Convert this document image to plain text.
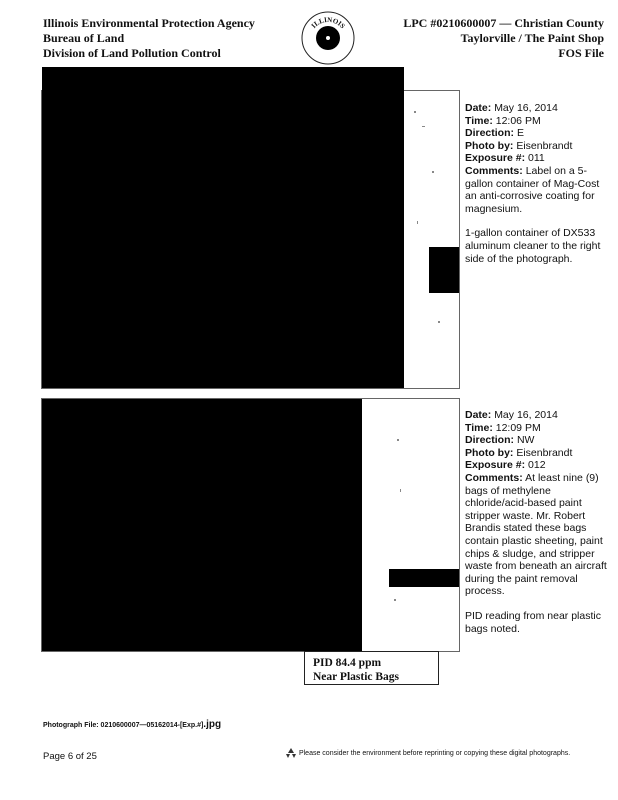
Illinois Environmental Protection Agency
Bureau of Land
Division of Land Pollution Control
ILLINOIS	LPC #0210600007 — Christian County
Taylorville / The Paint Shop
FOS File
Date: May 16, 2014
Time: 12:06 PM
Direction: E
Photo by: Eisenbrandt
Exposure #: 011
Comments: Label on a 5-gallon container of Mag-Cost an anti-corrosive coating for magnesium.
1-gallon container of DX533 aluminum cleaner to the right side of the photograph.
PID 84.4 ppm
Near Plastic Bags
Date: May 16, 2014
Time: 12:09 PM
Direction: NW
Photo by: Eisenbrandt
Exposure #: 012
Comments: At least nine (9) bags of methylene chloride/acid-based paint stripper waste. Mr. Robert Brandis stated these bags contain plastic sheeting, paint chips & sludge, and stripper waste from beneath an aircraft during the paint removal process.
PID reading from near plastic bags noted.
Photograph File: 0210600007—05162014-[Exp.#].jpg
Page 6 of 25	Please consider the environment before reprinting or copying these digital photographs.
